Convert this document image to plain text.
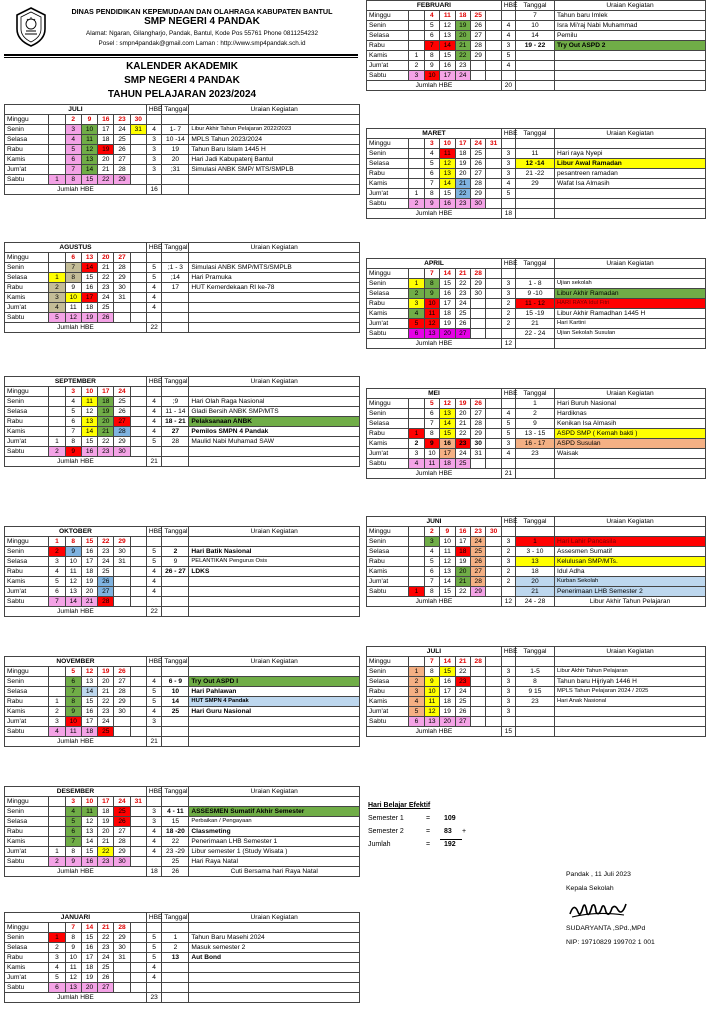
DINAS PENDIDIKAN KEPEMUDAAN DAN OLAHRAGA KABUPATEN BANTUL
SMP NEGERI 4 PANDAK
Alamat: Ngaran, Gilangharjo, Pandak, Bantul, Kode Pos 55761 Phone 0811254232
Posel : smpn4pandak@gmail.com Laman : http://www.smp4pandak.sch.id
KALENDER AKADEMIK
SMP NEGERI 4 PANDAK
TAHUN PELAJARAN 2023/2024
JULI							HBE	Tanggal	Uraian Kegiatan
Minggu		2	9	16	23	30			
Senin		3	10	17	24	31	4	1- 7	Libur Akhir Tahun Pelajaran 2022/2023
Selasa		4	11	18	25		3	10 -14	MPLS Tahun 2023/2024
Rabu		5	12	19	26		3	19	Tahun Baru Islam 1445 H
Kamis		6	13	20	27		3	20	Hari Jadi Kabupatenj Bantul
Jum'at		7	14	21	28		3	;31	Simulasi ANBK SMP/ MTS/SMPLB
Sabtu	1	8	15	22	29				
Jumlah HBE							16		
AGUSTUS							HBE	Tanggal	Uraian Kegiatan
Minggu		6	13	20	27				
Senin		7	14	21	28		5	;1 - 3	Simulasi ANBK SMP/MTS/SMPLB
Selasa	1	8	15	22	29		5	;14	Hari Pramuka
Rabu	2	9	16	23	30		4	17	HUT Kemerdekaan RI ke-78
Kamis	3	10	17	24	31		4		
Jum'at	4	11	18	25			4		
Sabtu	5	12	19	26					
Jumlah HBE							22		
SEPTEMBER							HBE	Tanggal	Uraian Kegiatan
Minggu		3	10	17	24				
Senin		4	11	18	25		4	;9	Hari Olah Raga Nasional
Selasa		5	12	19	26		4	11 - 14	Gladi Bersih ANBK SMP/MTS
Rabu		6	13	20	27		4	18 - 21	Pelaksanaan ANBK
Kamis		7	14	21	28		4	27	Pemilos SMPN 4 Pandak
Jum'at	1	8	15	22	29		5	28	Maulid Nabi Muhamad SAW
Sabtu	2	9	16	23	30				
Jumlah HBE							21		
OKTOBER							HBE	Tanggal	Uraian Kegiatan
Minggu	1	8	15	22	29				
Senin	2	9	16	23	30		5	2	Hari Batik Nasional
Selasa	3	10	17	24	31		5	9	PELANTIKAN Pengurus Osis
Rabu	4	11	18	25			4	26 - 27	LDKS
Kamis	5	12	19	26			4		
Jum'at	6	13	20	27			4		
Sabtu	7	14	21	28					
Jumlah HBE							22		
NOVEMBER							HBE	Tanggal	Uraian Kegiatan
Minggu		5	12	19	26				
Senin		6	13	20	27		4	6 - 9	Try Out ASPD I
Selasa		7	14	21	28		5	10	Hari Pahlawan
Rabu	1	8	15	22	29		5	14	HUT SMPN 4 Pandak
Kamis	2	9	16	23	30		4	25	Hari Guru Nasional
Jum'at	3	10	17	24			3		
Sabtu	4	11	18	25					
Jumlah HBE							21		
DESEMBER							HBE	Tanggal	Uraian Kegiatan
Minggu		3	10	17	24	31			
Senin		4	11	18	25		3	4 - 11	ASSESMEN Sumatif Akhir Semester
Selasa		5	12	19	26		3	15	Perbaikan / Pengayaan
Rabu		6	13	20	27		4	18 -20	Classmeting
Kamis		7	14	21	28		4	22	Penerimaan LHB Semester 1
Jum'at	1	8	15	22	29		4	23 -29	Libur semester 1 (Study Wisata )
Sabtu	2	9	16	23	30			25	Hari Raya Natal
Jumlah HBE							18	26	Cuti Bersama hari Raya Natal
JANUARI							HBE	Tanggal	Uraian Kegiatan
Minggu		7	14	21	28				
Senin	1	8	15	22	29		5	1	Tahun Baru Masehi 2024
Selasa	2	9	16	23	30		5	2	Masuk semester 2
Rabu	3	10	17	24	31		5	13	Aut Bond
Kamis	4	11	18	25			4		
Jum'at	5	12	19	26			4		
Sabtu	6	13	20	27					
Jumlah HBE							23		
FEBRUARI							HBE	Tanggal	Uraian Kegiatan
Minggu		4	11	18	25			7	Tahun baru Imlek
Senin		5	12	19	26		4	10	Isra Mi'raj Nabi Muhammad
Selasa		6	13	20	27		4	14	Pemilu
Rabu		7	14	21	28		3	19 - 22	Try Out ASPD 2
Kamis	1	8	15	22	29		5		
Jum'at	2	9	16	23			4		
Sabtu	3	10	17	24					
Jumlah HBE							20		
MARET							HBE	Tanggal	Uraian Kegiatan
Minggu		3	10	17	24	31			
Senin		4	11	18	25		3	11	Hari raya Nyepi
Selasa		5	12	19	26		3	12 -14	Libur Awal Ramadan
Rabu		6	13	20	27		3	21 -22	pesantreen ramadan
Kamis		7	14	21	28		4	29	Wafat Isa Almasih
Jum'at	1	8	15	22	29		5		
Sabtu	2	9	16	23	30				
Jumlah HBE							18		
APRIL							HBE	Tanggal	Uraian Kegiatan
Minggu		7	14	21	28				
Senin	1	8	15	22	29		3	1 - 8	Ujian sekolah
Selasa	2	9	16	23	30		3	9 -10	Libur Akhir Ramadan
Rabu	3	10	17	24			2	11 - 12	HARI RAYA Idul Fitri
Kamis	4	11	18	25			2	15 -19	Libur Akhir Ramadhan 1445 H
Jum'at	5	12	19	26			2	21	Hari Kartini
Sabtu	6	13	20	27				22 - 24	Ujian Sekolah Susulan
Jumlah HBE							12		
MEI							HBE	Tanggal	Uraian Kegiatan
Minggu		5	12	19	26			1	Hari Buruh Nasional
Senin		6	13	20	27		4	2	Hardiknas
Selasa		7	14	21	28		5	9	Kenikan Isa Almasih
Rabu	1	8	15	22	29		5	13 - 15	ASPD SMP ( Kemah bakti )
Kamis	2	9	16	23	30		3	16 - 17	ASPD Susulan
Jum'at	3	10	17	24	31		4	23	Waisak
Sabtu	4	11	18	25					
Jumlah HBE							21		
JUNI							HBE	Tanggal	Uraian Kegiatan
Minggu		2	9	16	23	30			
Senin		3	10	17	24		3	1	Hari Lahir Pancasila
Selasa		4	11	18	25		2	3 - 10	Assesmen Sumatif
Rabu		5	12	19	26		3	13	Kelulusan SMP/MTs.
Kamis		6	13	20	27		2	18	Idul Adha
Jum'at		7	14	21	28		2	20	Kurban Sekolah
Sabtu	1	8	15	22	29			21	Penerimaan LHB Semester 2
Jumlah HBE							12	24 - 28	Libur Akhir Tahun Pelajaran
JULI							HBE	Tanggal	Uraian Kegiatan
Minggu		7	14	21	28				
Senin	1	8	15	22			3	1-5	Libur Akhir Tahun Pelajaran
Selasa	2	9	16	23			3	8	Tahun baru Hijriyah 1446 H
Rabu	3	10	17	24			3	9 15	MPLS Tahun Pelajaran 2024 / 2025
Kamis	4	11	18	25			3	23	Hari Anak Nasional
Jum'at	5	12	19	26			3		
Sabtu	6	13	20	27					
Jumlah HBE							15		
Hari Belajar Efektif
Semester 1	= 109
Semester 2	= 83 +
Jumlah	= 192
Pandak , 11 Juli 2023
Kepala Sekolah
SUDARYANTA ,SPd.,MPd
NIP: 19710829 199702 1 001
